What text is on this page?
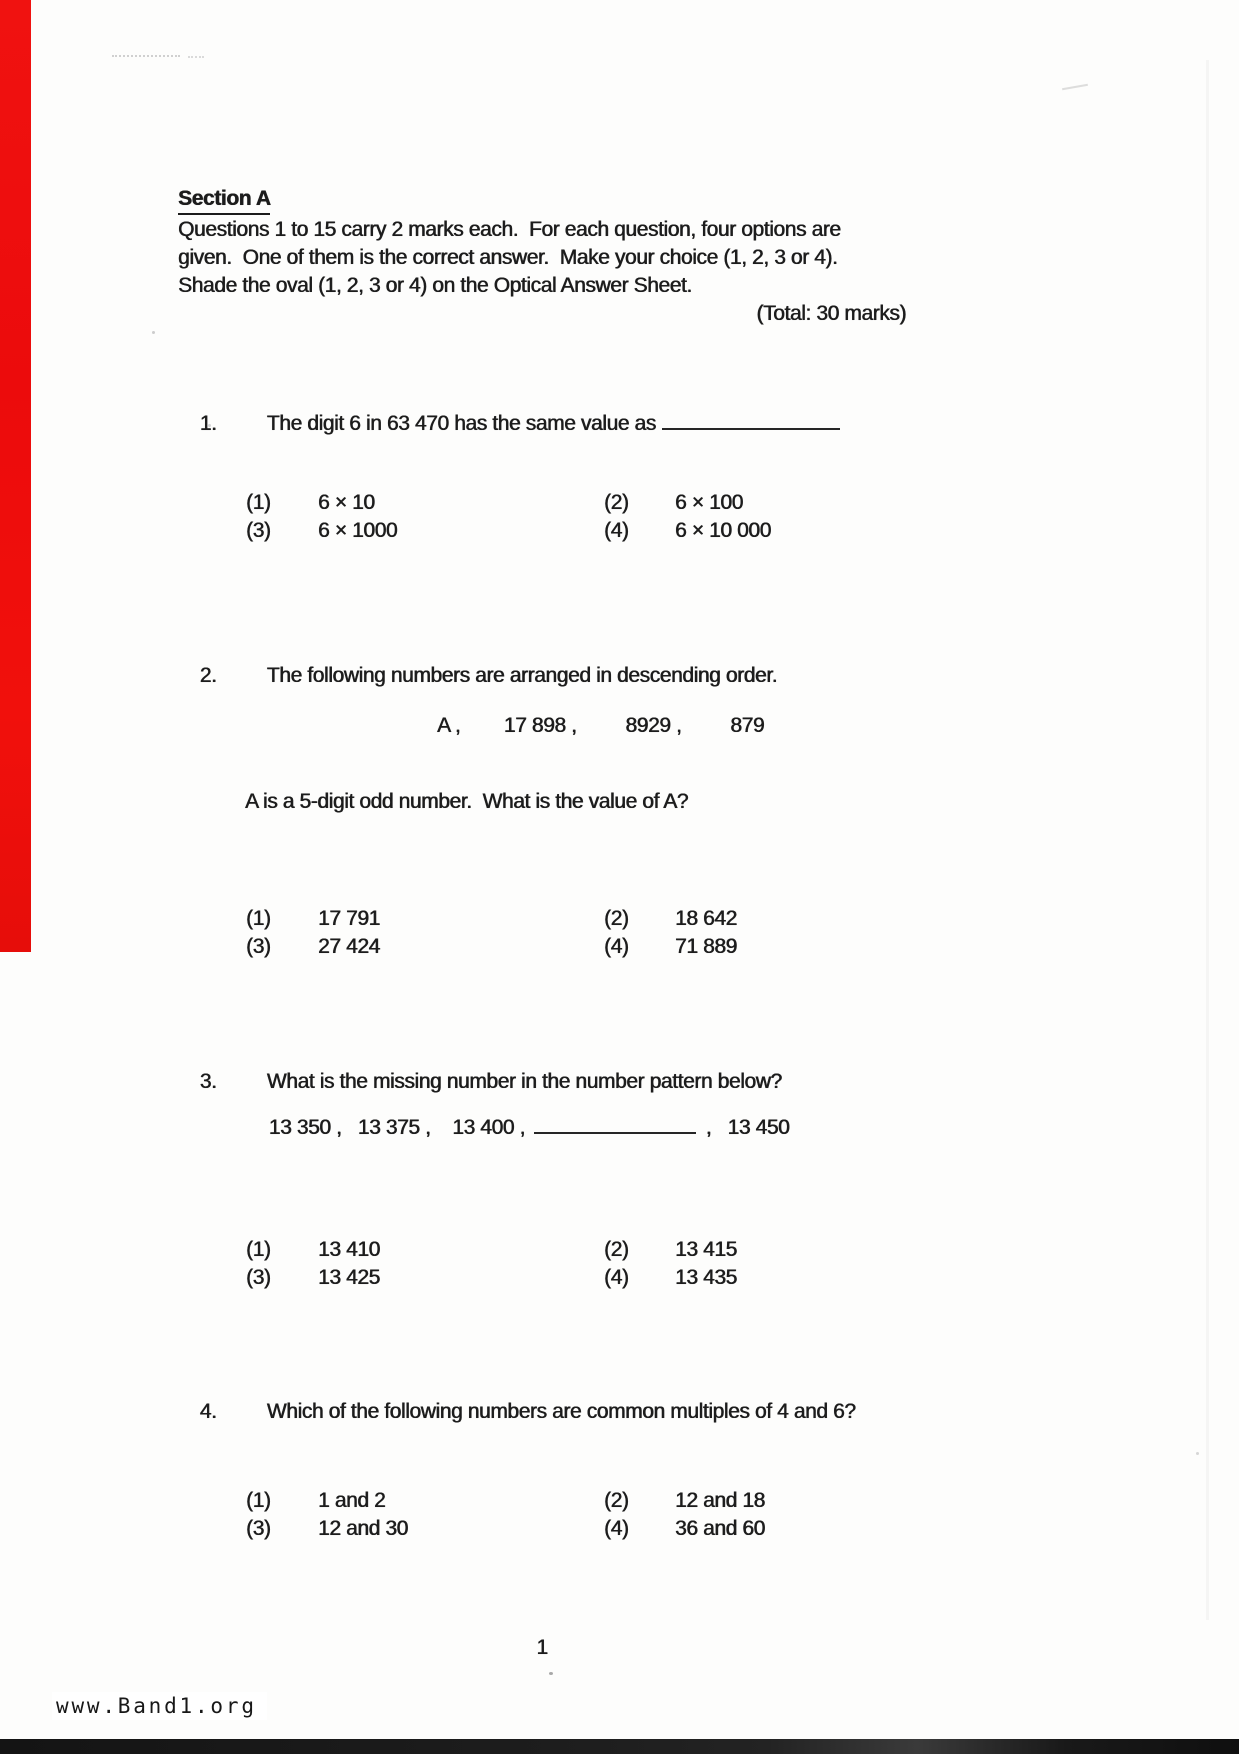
Section A
Questions 1 to 15 carry 2 marks each.  For each question, four options are
given.  One of them is the correct answer.  Make your choice (1, 2, 3 or 4).
Shade the oval (1, 2, 3 or 4) on the Optical Answer Sheet.
(Total: 30 marks)

1. The digit 6 in 63 470 has the same value as

(1)	6 × 10	(2)	6 × 100
(3)	6 × 1000	(4)	6 × 10 000

2. The following numbers are arranged in descending order.

A ,        17 898 ,         8929 ,         879
A is a 5-digit odd number.  What is the value of A?
(1)	17 791	(2)	18 642
(3)	27 424	(4)	71 889

3. What is the missing number in the number pattern below?

13 350 ,   13 375 ,    13 400 ,	,   13 450

(1)	13 410	(2)	13 415
(3)	13 425	(4)	13 435

4. Which of the following numbers are common multiples of 4 and 6?

(1)	1 and 2	(2)	12 and 18
(3)	12 and 30	(4)	36 and 60
1
www.Band1.org
